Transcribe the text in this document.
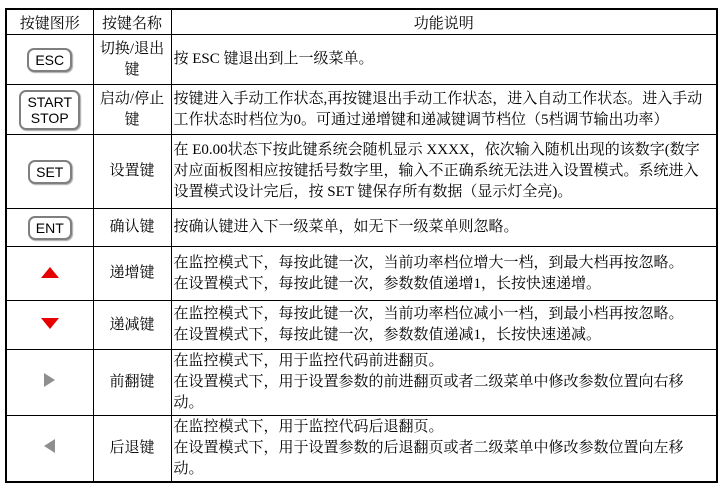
按键图形	按键名称	功能说明

ESC	切换/退出键	按 ESC 键退出到上一级菜单。

START
STOP	启动/停止键	按键进入手动工作状态,再按键退出手动工作状态，进入自动工作状态。进入手动工作状态时档位为0。可通过递增键和递减键调节档位（5档调节输出功率）

SET	设置键	在 E0.00状态下按此键系统会随机显示 XXXX，依次输入随机出现的该数字(数字对应面板图相应按键括号数字里，输入不正确系统无法进入设置模式。系统进入设置模式设计完后，按 SET 键保存所有数据（显示灯全亮)。

ENT	确认键	按确认键进入下一级菜单，如无下一级菜单则忽略。

	递增键	在监控模式下，每按此键一次，当前功率档位增大一档，到最大档再按忽略。

在设置模式下，每按此键一次，参数数值递增1，长按快速递增。

	递减键	在监控模式下，每按此键一次，当前功率档位减小一档，到最小档再按忽略。

在设置模式下，每按此键一次，参数数值递减1，长按快速递减。

	前翻键	在监控模式下，用于监控代码前进翻页。

在设置模式下，用于设置参数的前进翻页或者二级菜单中修改参数位置向右移动。

	后退键	在监控模式下，用于监控代码后退翻页。

在设置模式下，用于设置参数的后退翻页或者二级菜单中修改参数位置向左移动。
